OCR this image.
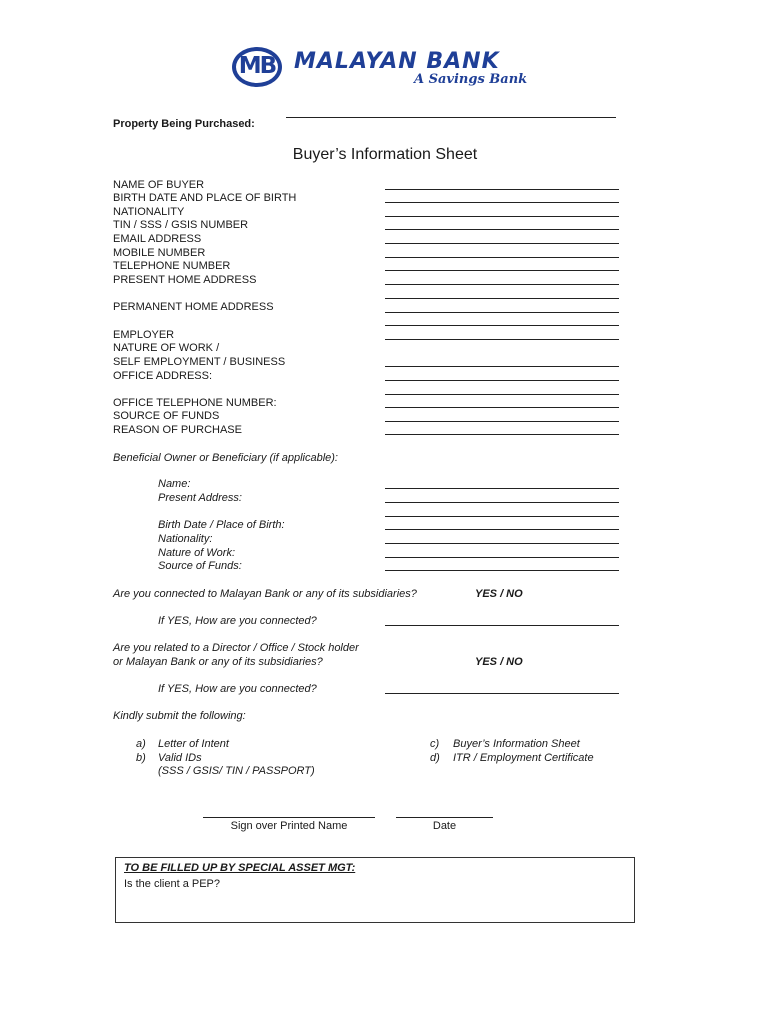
MB MALAYAN BANK
A Savings Bank
Property Being Purchased:
Buyer’s Information Sheet
NAME OF BUYER
BIRTH DATE AND PLACE OF BIRTH
NATIONALITY
TIN / SSS / GSIS NUMBER
EMAIL ADDRESS
MOBILE NUMBER
TELEPHONE NUMBER
PRESENT HOME ADDRESS
PERMANENT HOME ADDRESS
EMPLOYER
NATURE OF WORK /
SELF EMPLOYMENT / BUSINESS
OFFICE ADDRESS:
OFFICE TELEPHONE NUMBER:
SOURCE OF FUNDS
REASON OF PURCHASE
Beneficial Owner or Beneficiary (if applicable):
Name:
Present Address:
Birth Date / Place of Birth:
Nationality:
Nature of Work:
Source of Funds:
Are you connected to Malayan Bank or any of its subsidiaries?	YES / NO
If YES, How are you connected?
Are you related to a Director / Office / Stock holder
or Malayan Bank or any of its subsidiaries?	YES / NO
If YES, How are you connected?
Kindly submit the following:
a) Letter of Intent
b) Valid IDs
(SSS / GSIS/ TIN / PASSPORT)
c) Buyer’s Information Sheet
d) ITR / Employment Certificate
Sign over Printed Name	Date
TO BE FILLED UP BY SPECIAL ASSET MGT:
Is the client a PEP?
